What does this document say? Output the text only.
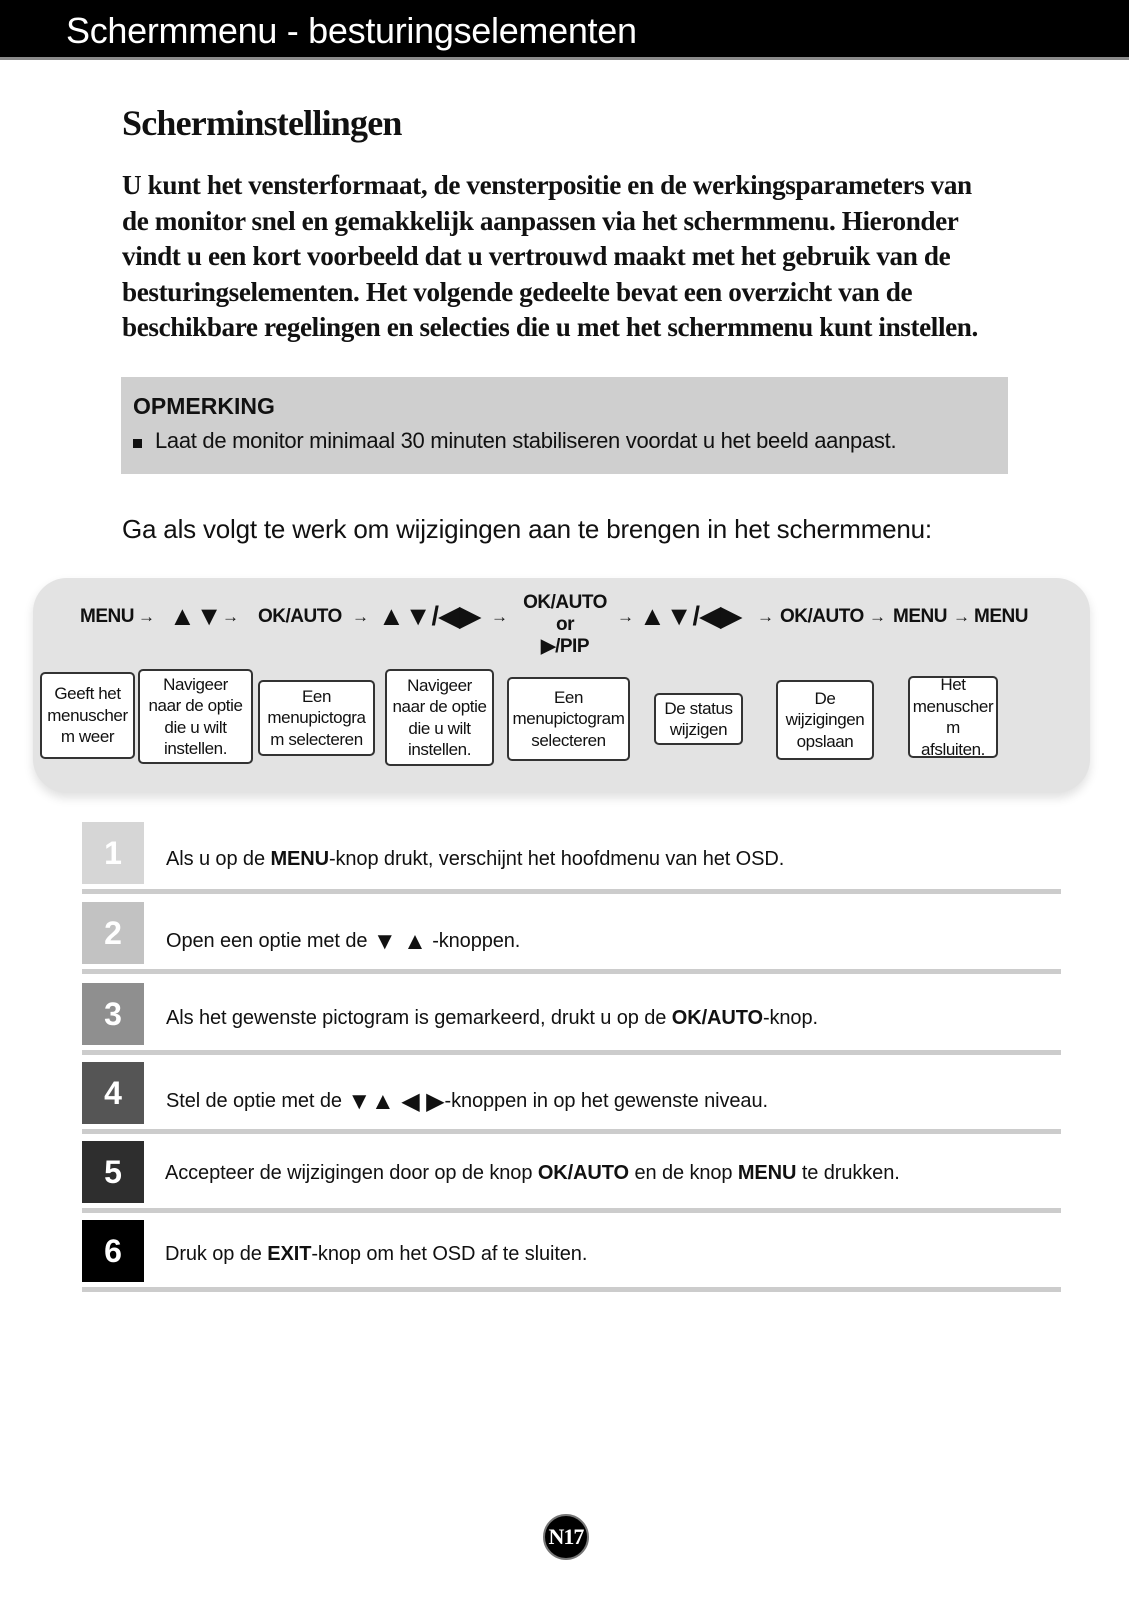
Schermmenu - besturingselementen
Scherminstellingen

U kunt het vensterformaat, de vensterpositie en de werkingsparameters van de monitor snel en gemakkelijk aanpassen via het schermmenu. Hieronder vindt u een kort voorbeeld dat u vertrouwd maakt met het gebruik van de besturingselementen. Het volgende gedeelte bevat een overzicht van de beschikbare regelingen en selecties die u met het schermmenu kunt instellen.

OPMERKING
Laat de monitor minimaal 30 minuten stabiliseren voordat u het beeld aanpast.
Ga als volgt te werk om wijzigingen aan te brengen in het schermmenu:
MENU → ▲▼ → OK/AUTO → ▲▼/◀▶ →
OK/AUTO
or
▶/PIP
→ ▲▼/◀▶ → OK/AUTO → MENU → MENU
Geeft het
menuscher
m weer
Navigeer
naar de optie
die u wilt
instellen.
Een
menupictogra
m selecteren
Navigeer
naar de optie
die u wilt
instellen.
Een
menupictogram
selecteren
De status
wijzigen
De
wijzigingen
opslaan
Het
menuscher
m afsluiten.
1	Als u op de MENU-knop drukt, verschijnt het hoofdmenu van het OSD.
2	Open een optie met de ▼ ▲ -knoppen.
3	Als het gewenste pictogram is gemarkeerd, drukt u op de OK/AUTO-knop.
4	Stel de optie met de ▼▲ ◀ ▶-knoppen in op het gewenste niveau.
5	Accepteer de wijzigingen door op de knop OK/AUTO en de knop MENU te drukken.
6	Druk op de EXIT-knop om het OSD af te sluiten.
N17
